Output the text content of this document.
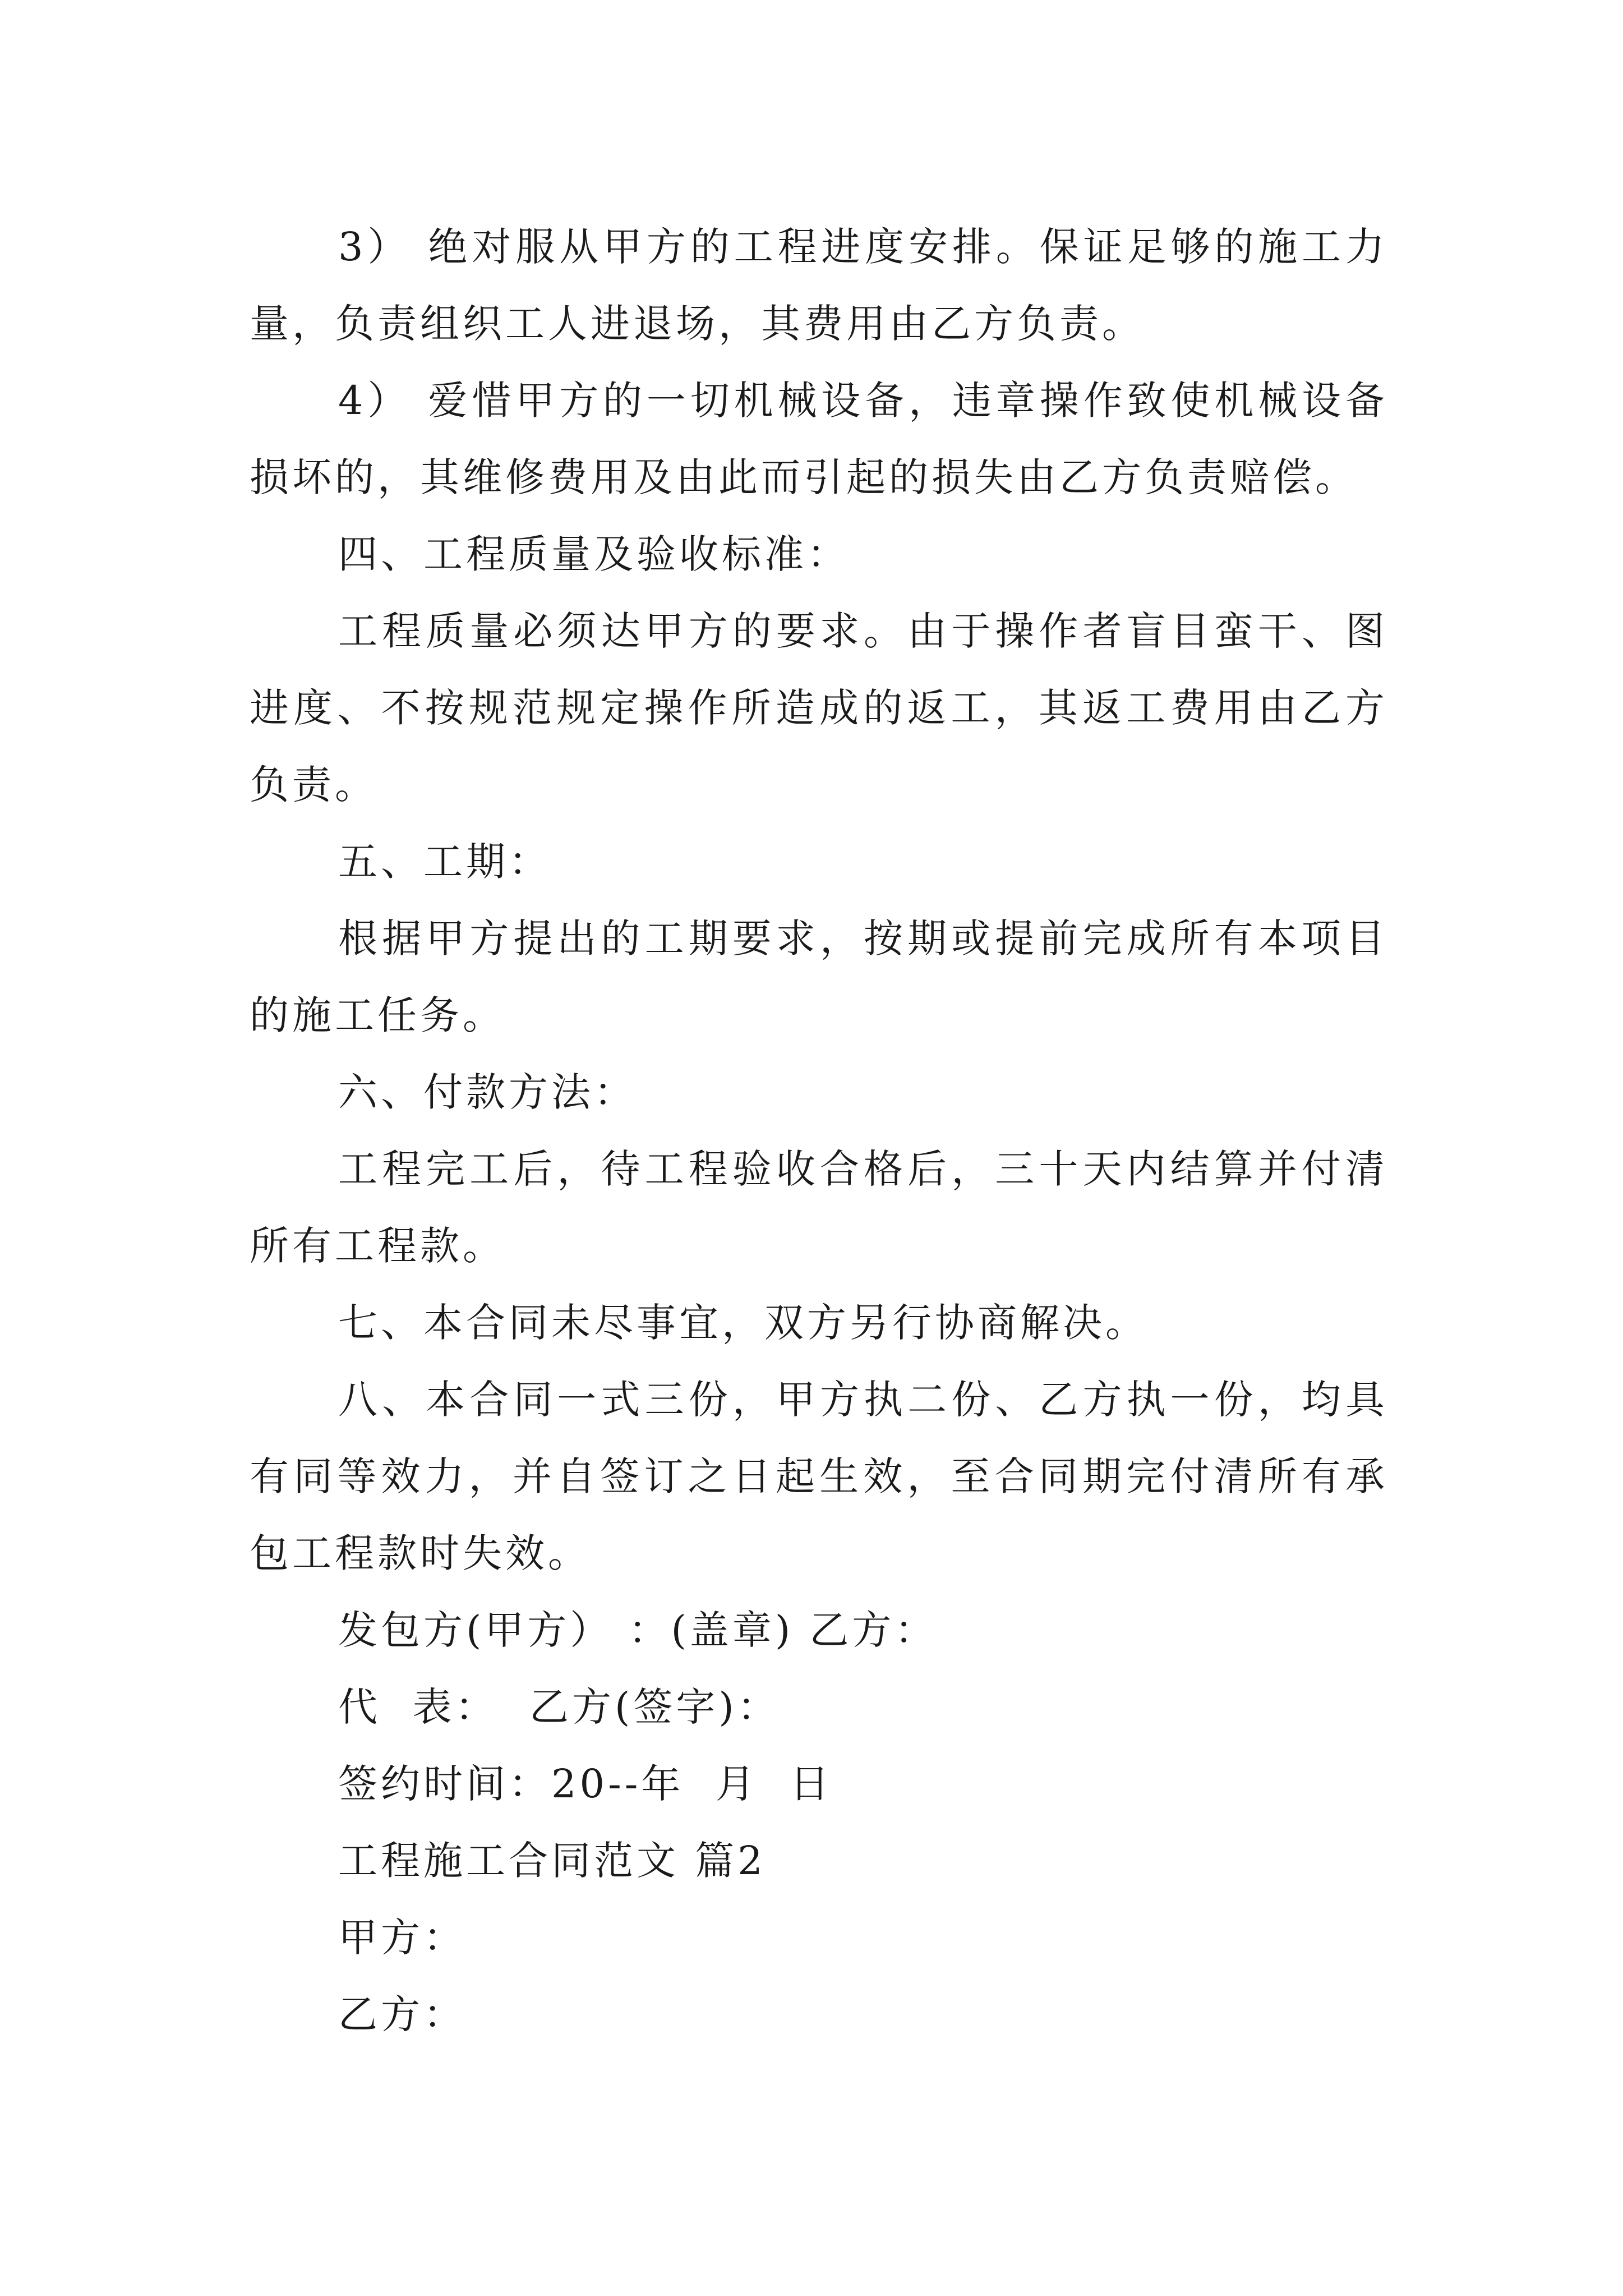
3） 绝对服从甲方的工程进度安排。保证足够的施工力量，负责组织工人进退场，其费用由乙方负责。

4） 爱惜甲方的一切机械设备，违章操作致使机械设备损坏的，其维修费用及由此而引起的损失由乙方负责赔偿。

四、工程质量及验收标准：

工程质量必须达甲方的要求。由于操作者盲目蛮干、图进度、不按规范规定操作所造成的返工，其返工费用由乙方负责。

五、工期：

根据甲方提出的工期要求，按期或提前完成所有本项目的施工任务。

六、付款方法：

工程完工后，待工程验收合格后，三十天内结算并付清所有工程款。

七、本合同未尽事宜，双方另行协商解决。

八、本合同一式三份，甲方执二份、乙方执一份，均具有同等效力，并自签订之日起生效，至合同期完付清所有承包工程款时失效。

发包方(甲方） ：(盖章) 乙方：

代  表：  乙方(签字)：

签约时间：20--年  月  日

工程施工合同范文 篇2

甲方：

乙方：
